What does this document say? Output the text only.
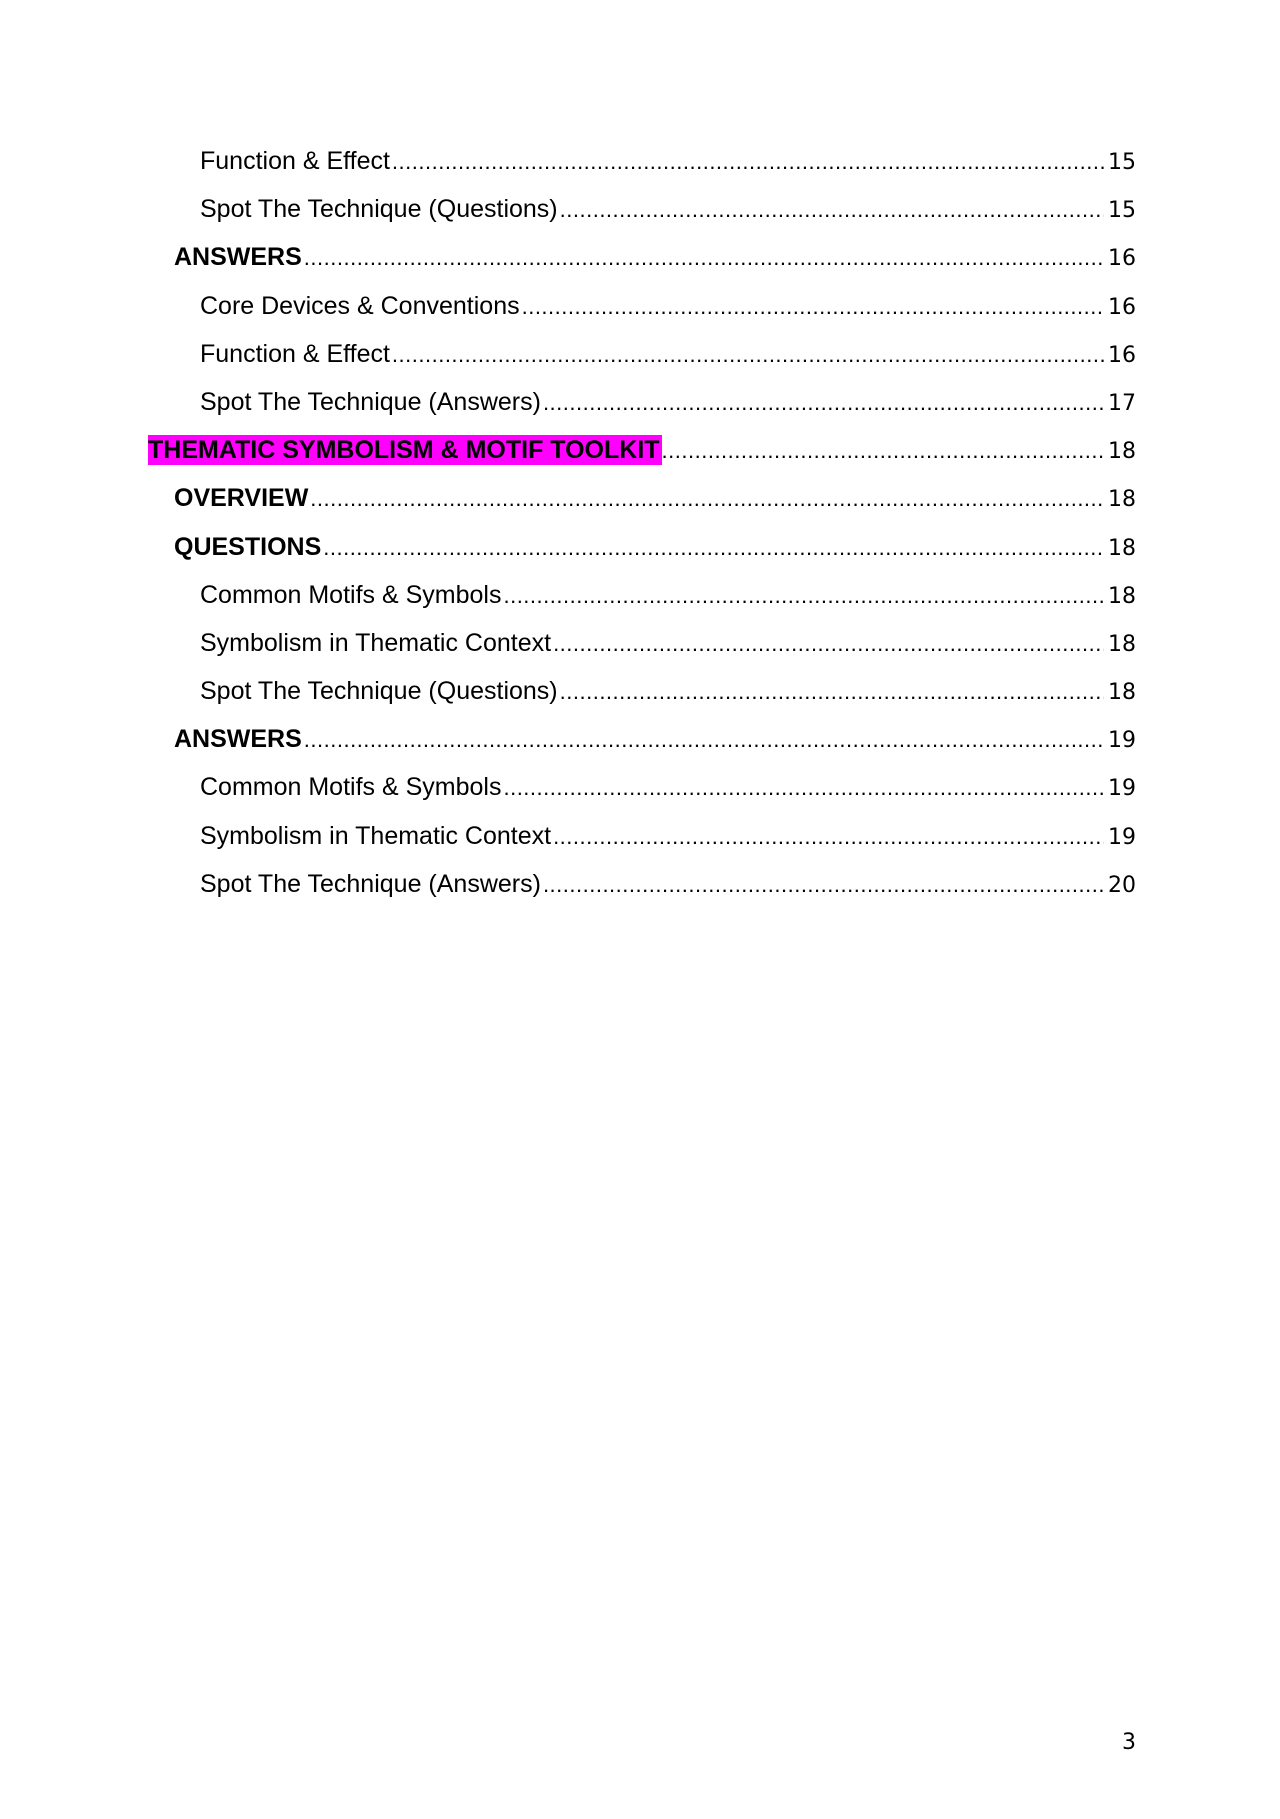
Function & Effect .....	15
Spot The Technique (Questions) .....	15
ANSWERS .....	16
Core Devices & Conventions .....	16
Function & Effect .....	16
Spot The Technique (Answers) .....	17
THEMATIC SYMBOLISM & MOTIF TOOLKIT .....	18
OVERVIEW .....	18
QUESTIONS .....	18
Common Motifs & Symbols .....	18
Symbolism in Thematic Context .....	18
Spot The Technique (Questions) .....	18
ANSWERS .....	19
Common Motifs & Symbols .....	19
Symbolism in Thematic Context .....	19
Spot The Technique (Answers) .....	20
3
